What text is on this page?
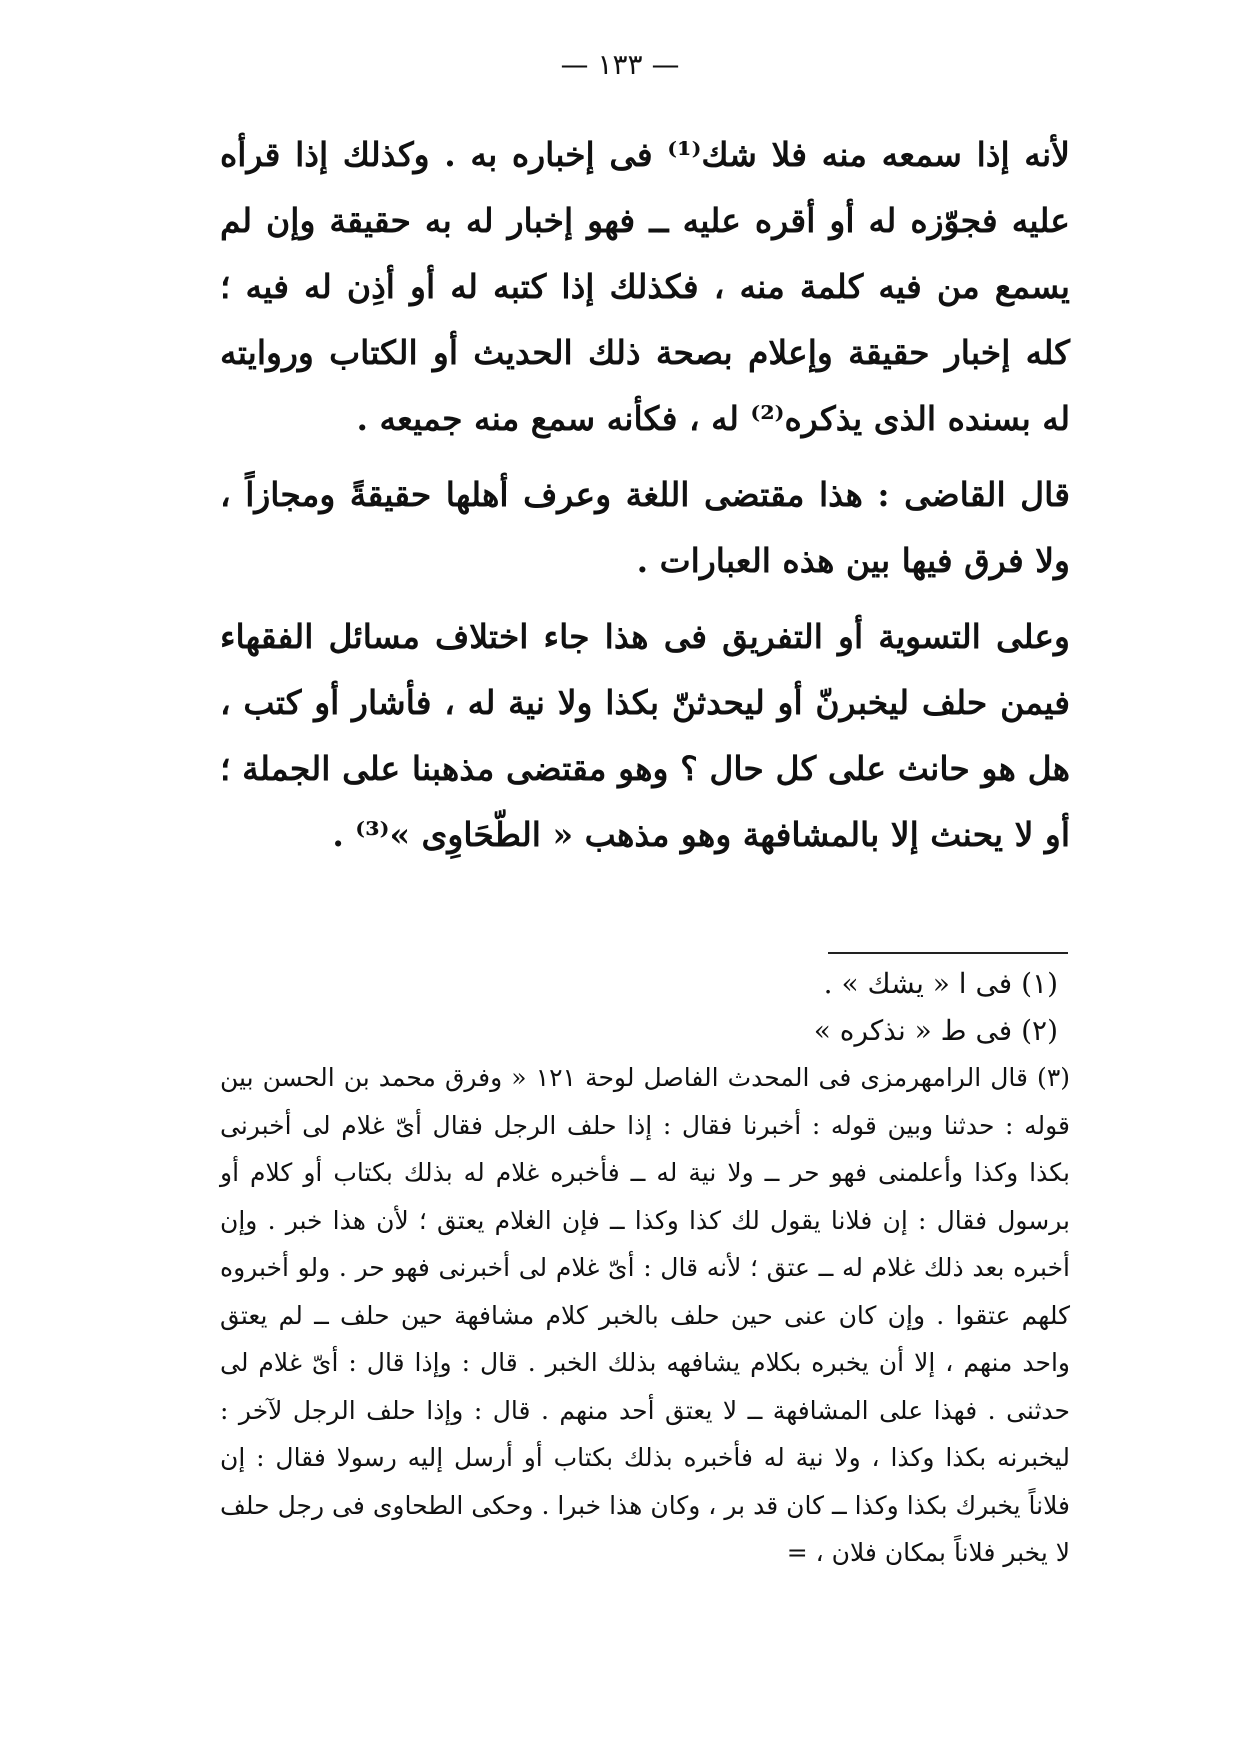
— ١٣٣ —

لأنه إذا سمعه منه فلا شك⁽¹⁾ فى إخباره به . وكذلك إذا قرأه عليه فجوّزه له أو أقره عليه ــ فهو إخبار له به حقيقة وإن لم يسمع من فيه كلمة منه ، فكذلك إذا كتبه له أو أذِن له فيه ؛ كله إخبار حقيقة وإعلام بصحة ذلك الحديث أو الكتاب وروايته له بسنده الذى يذكره⁽²⁾ له ، فكأنه سمع منه جميعه .

قال القاضى : هذا مقتضى اللغة وعرف أهلها حقيقةً ومجازاً ، ولا فرق فيها بين هذه العبارات .

وعلى التسوية أو التفريق فى هذا جاء اختلاف مسائل الفقهاء فيمن حلف ليخبرنّ أو ليحدثنّ بكذا ولا نية له ، فأشار أو كتب ، هل هو حانث على كل حال ؟ وهو مقتضى مذهبنا على الجملة ؛ أو لا يحنث إلا بالمشافهة وهو مذهب « الطّحَاوِى »⁽³⁾ .

(١) فى ا « يشك » .

(٢) فى ط « نذكره »

(٣) قال الرامهرمزى فى المحدث الفاصل لوحة ١٢١ « وفرق محمد بن الحسن بين قوله : حدثنا وبين قوله : أخبرنا فقال : إذا حلف الرجل فقال أىّ غلام لى أخبرنى بكذا وكذا وأعلمنى فهو حر ــ ولا نية له ــ فأخبره غلام له بذلك بكتاب أو كلام أو برسول فقال : إن فلانا يقول لك كذا وكذا ــ فإن الغلام يعتق ؛ لأن هذا خبر . وإن أخبره بعد ذلك غلام له ــ عتق ؛ لأنه قال : أىّ غلام لى أخبرنى فهو حر . ولو أخبروه كلهم عتقوا . وإن كان عنى حين حلف بالخبر كلام مشافهة حين حلف ــ لم يعتق واحد منهم ، إلا أن يخبره بكلام يشافهه بذلك الخبر . قال : وإذا قال : أىّ غلام لى حدثنى . فهذا على المشافهة ــ لا يعتق أحد منهم . قال : وإذا حلف الرجل لآخر : ليخبرنه بكذا وكذا ، ولا نية له فأخبره بذلك بكتاب أو أرسل إليه رسولا فقال : إن فلاناً يخبرك بكذا وكذا ــ كان قد بر ، وكان هذا خبرا . وحكى الطحاوى فى رجل حلف لا يخبر فلاناً بمكان فلان ، =
